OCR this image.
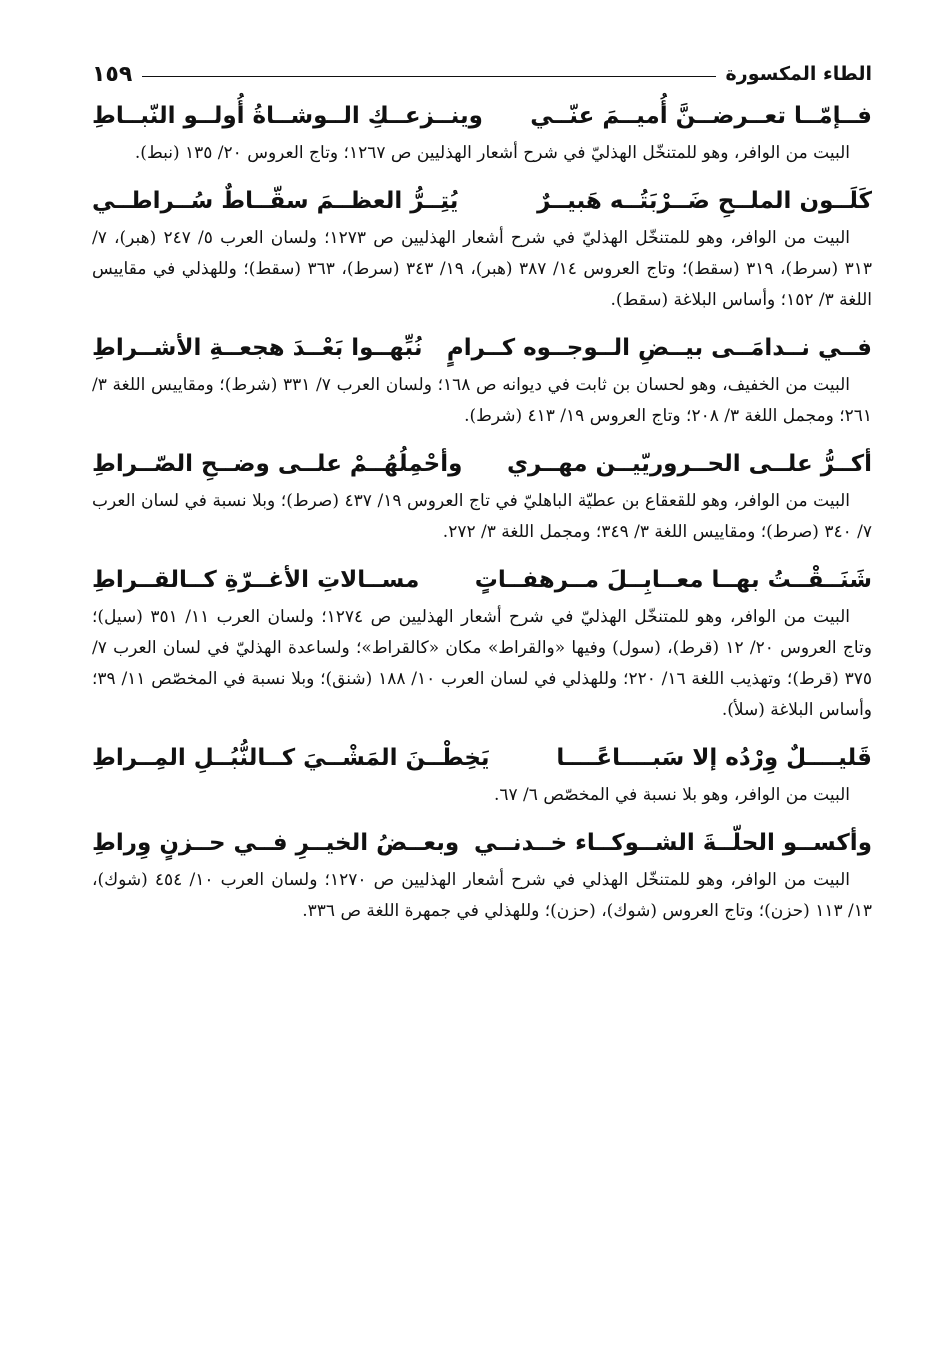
الطاء المكسورة
١٥٩
فــإمّــا تعــرضــنَّ أُميــمَ عنّــي
وينــزعــكِ الــوشــاةُ أُولــو النّبــاطِ
البيت من الوافر، وهو للمتنخّل الهذليّ في شرح أشعار الهذليين ص ١٢٦٧؛ وتاج العروس ٢٠/ ١٣٥ (نبط).
كَلَــون الملــحِ ضَــرْبَتُــه هَبيــرٌ
يُتِــرُّ العظــمَ سقّــاطٌ سُــراطــي
البيت من الوافر، وهو للمتنخّل الهذليّ في شرح أشعار الهذليين ص ١٢٧٣؛ ولسان العرب ٥/ ٢٤٧ (هبر)، ٧/ ٣١٣ (سرط)، ٣١٩ (سقط)؛ وتاج العروس ١٤/ ٣٨٧ (هبر)، ١٩/ ٣٤٣ (سرط)، ٣٦٣ (سقط)؛ وللهذلي في مقاييس اللغة ٣/ ١٥٢؛ وأساس البلاغة (سقط).
فــي نــدامَــى بيــضِ الــوجــوه كــرامٍ
نُبِّهــوا بَعْــدَ هجعــةِ الأشــراطِ
البيت من الخفيف، وهو لحسان بن ثابت في ديوانه ص ١٦٨؛ ولسان العرب ٧/ ٣٣١ (شرط)؛ ومقاييس اللغة ٣/ ٢٦١؛ ومجمل اللغة ٣/ ٢٠٨؛ وتاج العروس ١٩/ ٤١٣ (شرط).
أكــرُّ علــى الحــروريّيــن مهــري
وأحْمِلُهُــمْ علــى وضــحِ الصّــراطِ
البيت من الوافر، وهو للقعقاع بن عطيّة الباهليّ في تاج العروس ١٩/ ٤٣٧ (صرط)؛ وبلا نسبة في لسان العرب ٧/ ٣٤٠ (صرط)؛ ومقاييس اللغة ٣/ ٣٤٩؛ ومجمل اللغة ٣/ ٢٧٢.
شَنَــقْــتُ بهــا معــابِــلَ مــرهفــاتٍ
مســالاتِ الأغــرّةِ كــالقــراطِ
البيت من الوافر، وهو للمتنخّل الهذليّ في شرح أشعار الهذليين ص ١٢٧٤؛ ولسان العرب ١١/ ٣٥١ (سيل)؛ وتاج العروس ٢٠/ ١٢ (قرط)، (سول) وفيها «والقراط» مكان «كالقراط»؛ ولساعدة الهذليّ في لسان العرب ٧/ ٣٧٥ (قرط)؛ وتهذيب اللغة ١٦/ ٢٢٠؛ وللهذلي في لسان العرب ١٠/ ١٨٨ (شنق)؛ وبلا نسبة في المخصّص ١١/ ٣٩؛ وأساس البلاغة (سلأ).
قَليــــلٌ وِرْدُه إلا سَبــــاعًــــا
يَخِطْــنَ المَشْــيَ كــالنُّبُــلِ المِــراطِ
البيت من الوافر، وهو بلا نسبة في المخصّص ٦/ ٦٧.
وأكســو الحلّــةَ الشــوكــاء خــدنــي
وبعــضُ الخيــرِ فــي حــزنٍ وِراطِ
البيت من الوافر، وهو للمتنخّل الهذلي في شرح أشعار الهذليين ص ١٢٧٠؛ ولسان العرب ١٠/ ٤٥٤ (شوك)، ١٣/ ١١٣ (حزن)؛ وتاج العروس (شوك)، (حزن)؛ وللهذلي في جمهرة اللغة ص ٣٣٦.
